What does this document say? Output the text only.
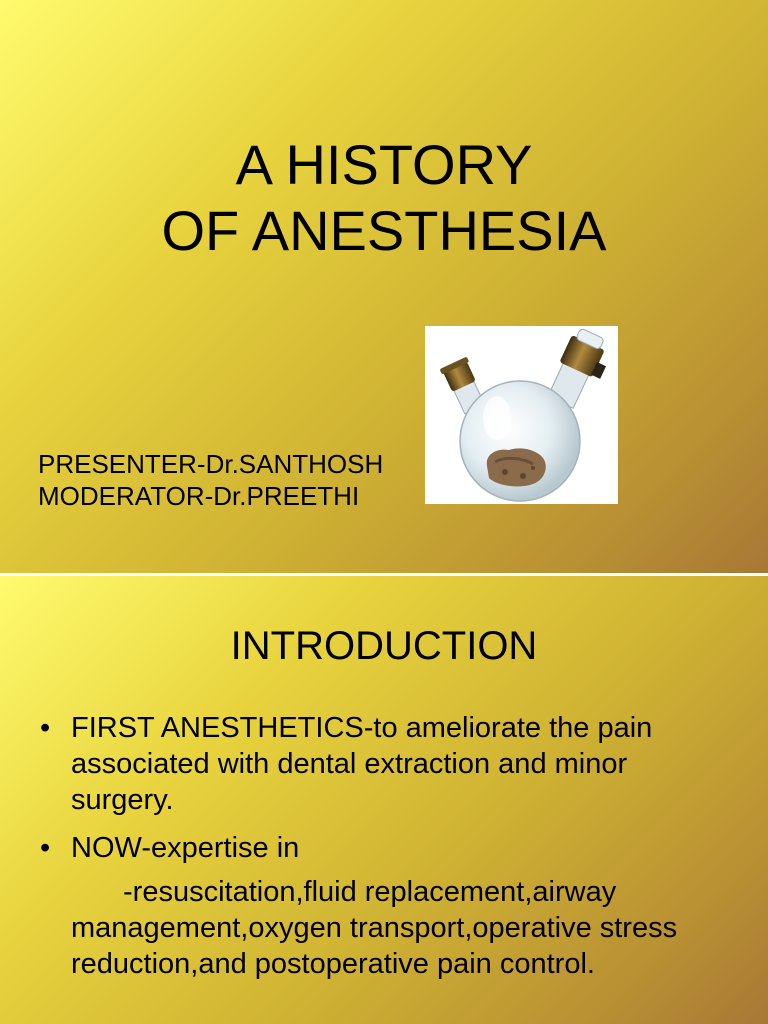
A HISTORY
OF ANESTHESIA
PRESENTER-Dr.SANTHOSH
MODERATOR-Dr.PREETHI
INTRODUCTION
• FIRST ANESTHETICS-to ameliorate the pain associated with dental extraction and minor surgery.
• NOW-expertise in
-resuscitation,fluid replacement,airway management,oxygen transport,operative stress reduction,and postoperative pain control.
